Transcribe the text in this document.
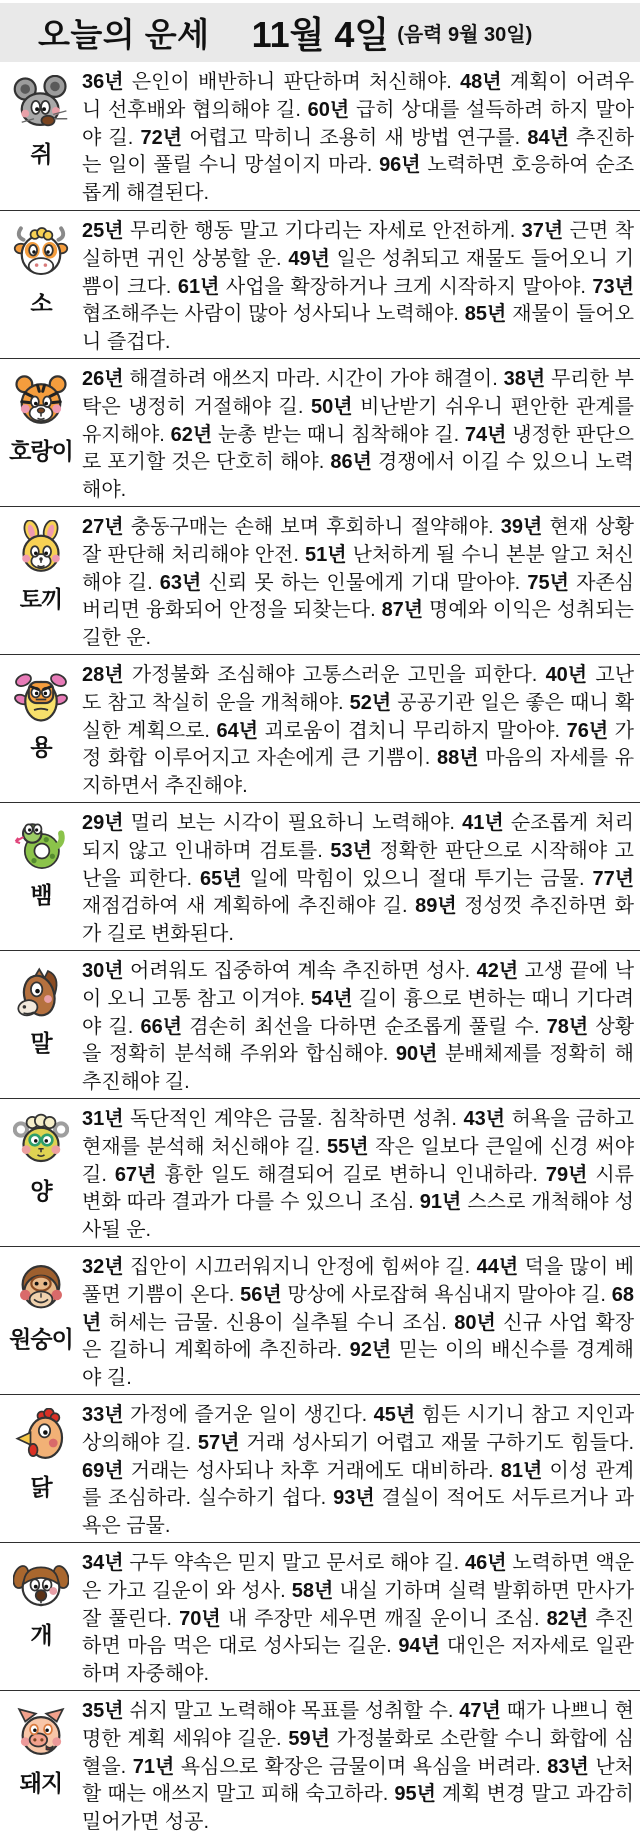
오늘의 운세 11월 4일 (음력 9월 30일)
쥐

36년 은인이 배반하니 판단하며 처신해야. 48년 계획이 어려우니 선후배와 협의해야 길. 60년 급히 상대를 설득하려 하지 말아야 길. 72년 어렵고 막히니 조용히 새 방법 연구를. 84년 추진하는 일이 풀릴 수니 망설이지 마라. 96년 노력하면 호응하여 순조롭게 해결된다.

소

25년 무리한 행동 말고 기다리는 자세로 안전하게. 37년 근면 착실하면 귀인 상봉할 운. 49년 일은 성취되고 재물도 들어오니 기쁨이 크다. 61년 사업을 확장하거나 크게 시작하지 말아야. 73년 협조해주는 사람이 많아 성사되나 노력해야. 85년 재물이 들어오니 즐겁다.

호랑이

26년 해결하려 애쓰지 마라. 시간이 가야 해결이. 38년 무리한 부탁은 냉정히 거절해야 길. 50년 비난받기 쉬우니 편안한 관계를 유지해야. 62년 눈총 받는 때니 침착해야 길. 74년 냉정한 판단으로 포기할 것은 단호히 해야. 86년 경쟁에서 이길 수 있으니 노력해야.

토끼

27년 충동구매는 손해 보며 후회하니 절약해야. 39년 현재 상황 잘 판단해 처리해야 안전. 51년 난처하게 될 수니 본분 알고 처신해야 길. 63년 신뢰 못 하는 인물에게 기대 말아야. 75년 자존심 버리면 융화되어 안정을 되찾는다. 87년 명예와 이익은 성취되는 길한 운.

용

28년 가정불화 조심해야 고통스러운 고민을 피한다. 40년 고난도 참고 착실히 운을 개척해야. 52년 공공기관 일은 좋은 때니 확실한 계획으로. 64년 괴로움이 겹치니 무리하지 말아야. 76년 가정 화합 이루어지고 자손에게 큰 기쁨이. 88년 마음의 자세를 유지하면서 추진해야.

뱀

29년 멀리 보는 시각이 필요하니 노력해야. 41년 순조롭게 처리되지 않고 인내하며 검토를. 53년 정확한 판단으로 시작해야 고난을 피한다. 65년 일에 막힘이 있으니 절대 투기는 금물. 77년 재점검하여 새 계획하에 추진해야 길. 89년 정성껏 추진하면 화가 길로 변화된다.

말

30년 어려워도 집중하여 계속 추진하면 성사. 42년 고생 끝에 낙이 오니 고통 참고 이겨야. 54년 길이 흉으로 변하는 때니 기다려야 길. 66년 겸손히 최선을 다하면 순조롭게 풀릴 수. 78년 상황을 정확히 분석해 주위와 합심해야. 90년 분배체제를 정확히 해 추진해야 길.

양

31년 독단적인 계약은 금물. 침착하면 성취. 43년 허욕을 금하고 현재를 분석해 처신해야 길. 55년 작은 일보다 큰일에 신경 써야 길. 67년 흉한 일도 해결되어 길로 변하니 인내하라. 79년 시류 변화 따라 결과가 다를 수 있으니 조심. 91년 스스로 개척해야 성사될 운.

원숭이

32년 집안이 시끄러워지니 안정에 힘써야 길. 44년 덕을 많이 베풀면 기쁨이 온다. 56년 망상에 사로잡혀 욕심내지 말아야 길. 68년 허세는 금물. 신용이 실추될 수니 조심. 80년 신규 사업 확장은 길하니 계획하에 추진하라. 92년 믿는 이의 배신수를 경계해야 길.

닭

33년 가정에 즐거운 일이 생긴다. 45년 힘든 시기니 참고 지인과 상의해야 길. 57년 거래 성사되기 어렵고 재물 구하기도 힘들다. 69년 거래는 성사되나 차후 거래에도 대비하라. 81년 이성 관계를 조심하라. 실수하기 쉽다. 93년 결실이 적어도 서두르거나 과욕은 금물.

개

34년 구두 약속은 믿지 말고 문서로 해야 길. 46년 노력하면 액운은 가고 길운이 와 성사. 58년 내실 기하며 실력 발휘하면 만사가 잘 풀린다. 70년 내 주장만 세우면 깨질 운이니 조심. 82년 추진하면 마음 먹은 대로 성사되는 길운. 94년 대인은 저자세로 일관하며 자중해야.

돼지

35년 쉬지 말고 노력해야 목표를 성취할 수. 47년 때가 나쁘니 현명한 계획 세워야 길운. 59년 가정불화로 소란할 수니 화합에 심혈을. 71년 욕심으로 확장은 금물이며 욕심을 버려라. 83년 난처할 때는 애쓰지 말고 피해 숙고하라. 95년 계획 변경 말고 과감히 밀어가면 성공.
